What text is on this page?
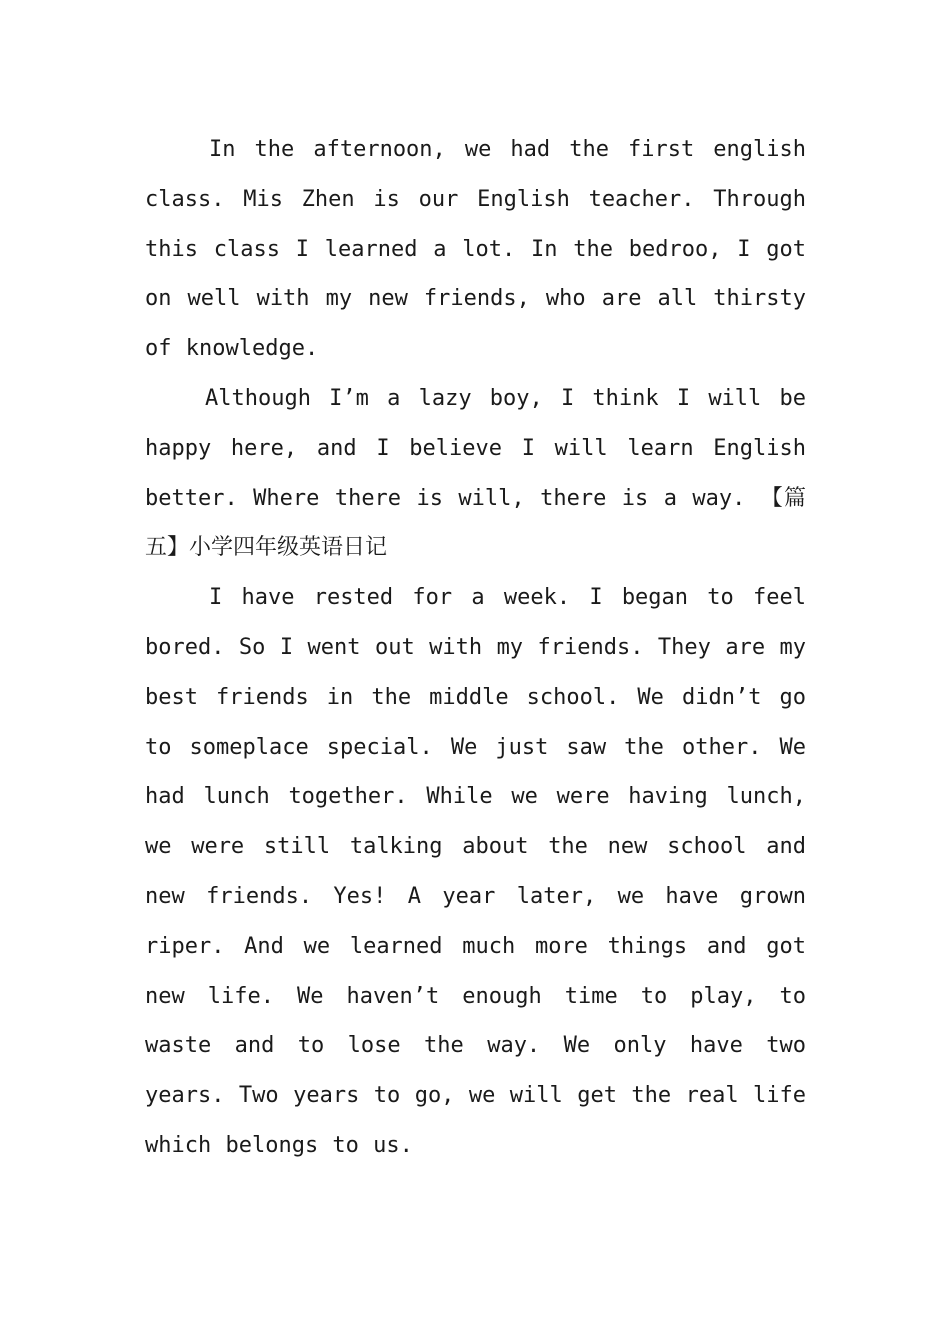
In the afternoon, we had the first english class. Mis Zhen is our English teacher. Through this class I learned a lot. In the bedroo, I got on well with my new friends, who are all thirsty of knowledge.

Although I’m a lazy boy, I think I will be happy here, and I believe I will learn English better. Where there is will, there is a way. 【篇五】小学四年级英语日记

I have rested for a week. I began to feel bored. So I went out with my friends. They are my best friends in the middle school. We didn’t go to someplace special. We just saw the other. We had lunch together. While we were having lunch, we were still talking about the new school and new friends. Yes! A year later, we have grown riper. And we learned much more things and got new life. We haven’t enough time to play, to waste and to lose the way. We only have two years. Two years to go, we will get the real life which belongs to us.
